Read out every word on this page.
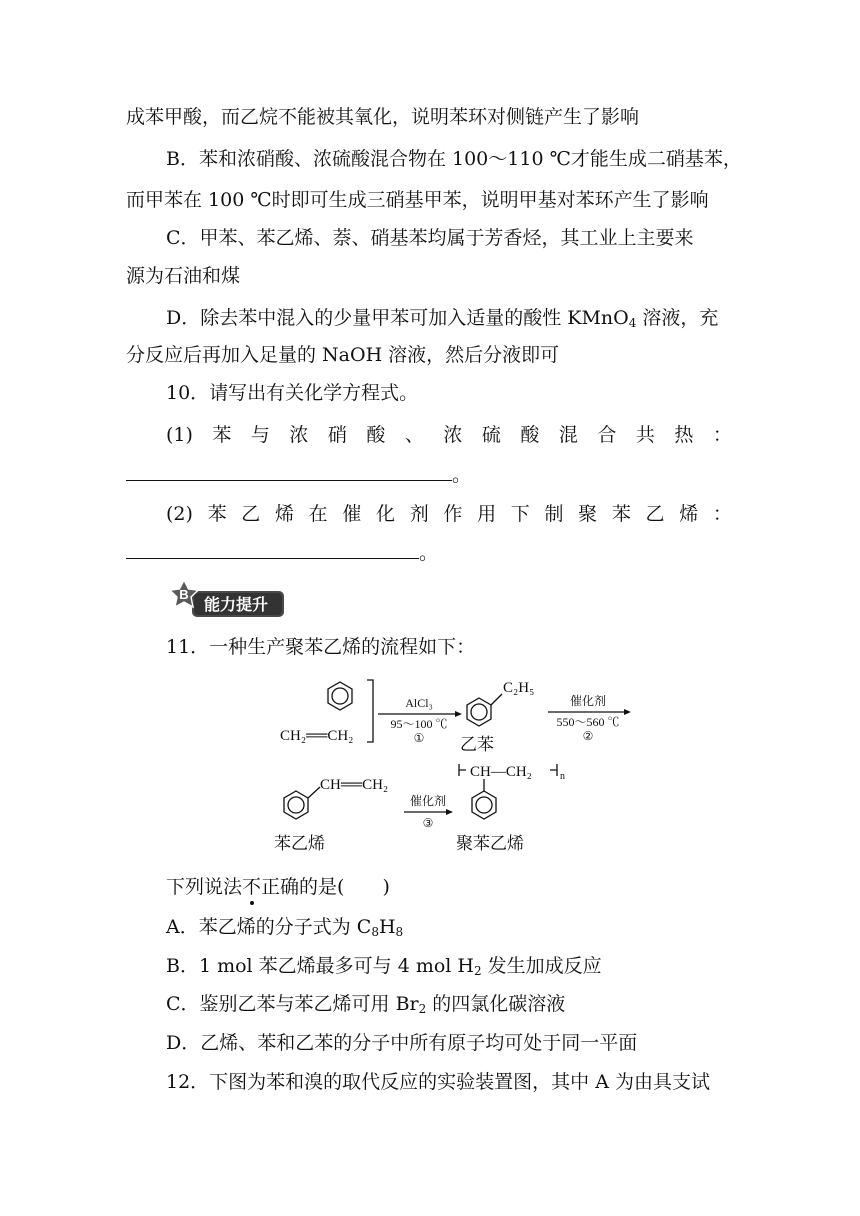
成苯甲酸，而乙烷不能被其氧化，说明苯环对侧链产生了影响
B．苯和浓硝酸、浓硫酸混合物在 100～110 ℃才能生成二硝基苯，
而甲苯在 100 ℃时即可生成三硝基甲苯，说明甲基对苯环产生了影响
C．甲苯、苯乙烯、萘、硝基苯均属于芳香烃，其工业上主要来
源为石油和煤
D．除去苯中混入的少量甲苯可加入适量的酸性 KMnO$_4$ 溶液，充
分反应后再加入足量的 NaOH 溶液，然后分液即可
10．请写出有关化学方程式。
(1) 苯 与 浓 硝 酸 、 浓 硫 酸 混 合 共 热 ：
。
(2) 苯 乙 烯 在 催 化 剂 作 用 下 制 聚 苯 乙 烯 ：
。
B
能力提升
11．一种生产聚苯乙烯的流程如下：
CH₂══CH₂
AlCl₃
95～100 ℃
①
C₂H₅
乙苯
催化剂
550～560 ℃
②
CH══CH₂
苯乙烯
催化剂
③
CH—CH₂	n
聚苯乙烯
下列说法不正确的是(　　)
A．苯乙烯的分子式为 $C_8H_8$
B．1 mol 苯乙烯最多可与 4 mol $H_2$ 发生加成反应
C．鉴别乙苯与苯乙烯可用 $Br_2$ 的四氯化碳溶液
D．乙烯、苯和乙苯的分子中所有原子均可处于同一平面
12．下图为苯和溴的取代反应的实验装置图，其中 A 为由具支试
